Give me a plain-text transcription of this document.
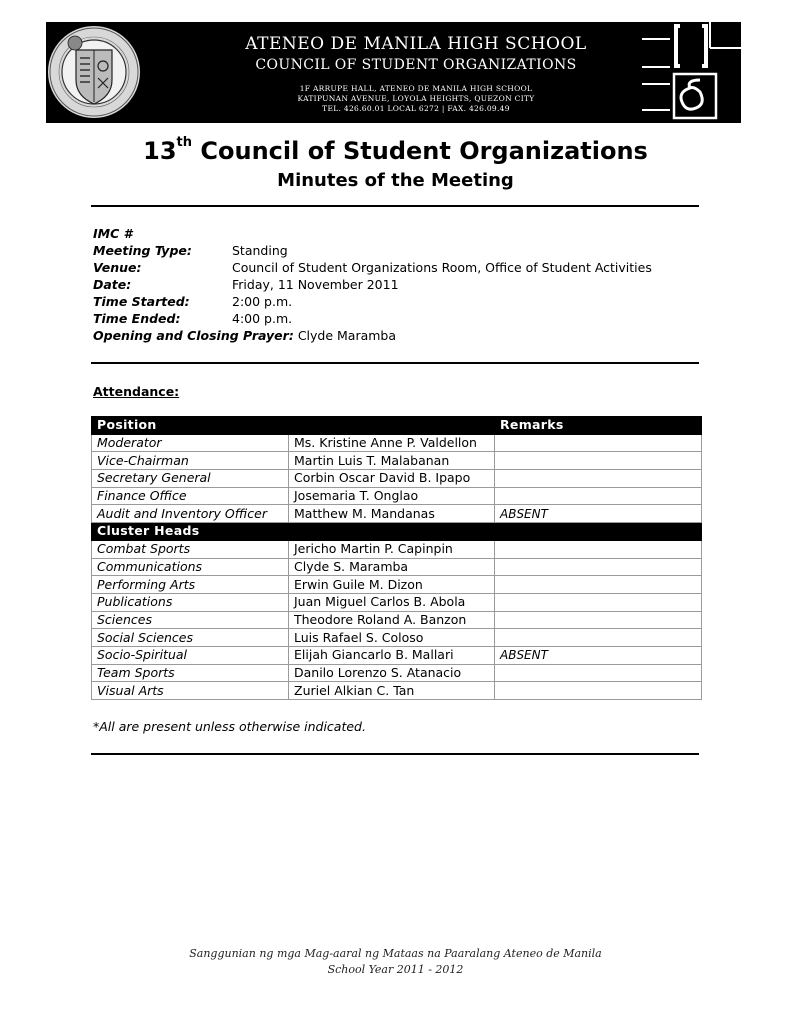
ATENEO DE MANILA HIGH SCHOOL
COUNCIL OF STUDENT ORGANIZATIONS
1F ARRUPE HALL, ATENEO DE MANILA HIGH SCHOOL
KATIPUNAN AVENUE, LOYOLA HEIGHTS, QUEZON CITY
TEL. 426.60.01 LOCAL 6272 | FAX. 426.09.49
13th Council of Student Organizations
Minutes of the Meeting
IMC #
Meeting Type:	Standing
Venue:	Council of Student Organizations Room, Office of Student Activities
Date:	Friday, 11 November 2011
Time Started:	2:00 p.m.
Time Ended:	4:00 p.m.
Opening and Closing Prayer: Clyde Maramba
Attendance:
Position		Remarks
Moderator	Ms. Kristine Anne P. Valdellon	
Vice-Chairman	Martin Luis T. Malabanan	
Secretary General	Corbin Oscar David B. Ipapo	
Finance Office	Josemaria T. Onglao	
Audit and Inventory Officer	Matthew M. Mandanas	ABSENT
Cluster Heads		
Combat Sports	Jericho Martin P. Capinpin	
Communications	Clyde S. Maramba	
Performing Arts	Erwin Guile M. Dizon	
Publications	Juan Miguel Carlos B. Abola	
Sciences	Theodore Roland A. Banzon	
Social Sciences	Luis Rafael S. Coloso	
Socio-Spiritual	Elijah Giancarlo B. Mallari	ABSENT
Team Sports	Danilo Lorenzo S. Atanacio	
Visual Arts	Zuriel Alkian C. Tan	
*All are present unless otherwise indicated.
Sanggunian ng mga Mag-aaral ng Mataas na Paaralang Ateneo de Manila
School Year 2011 - 2012
